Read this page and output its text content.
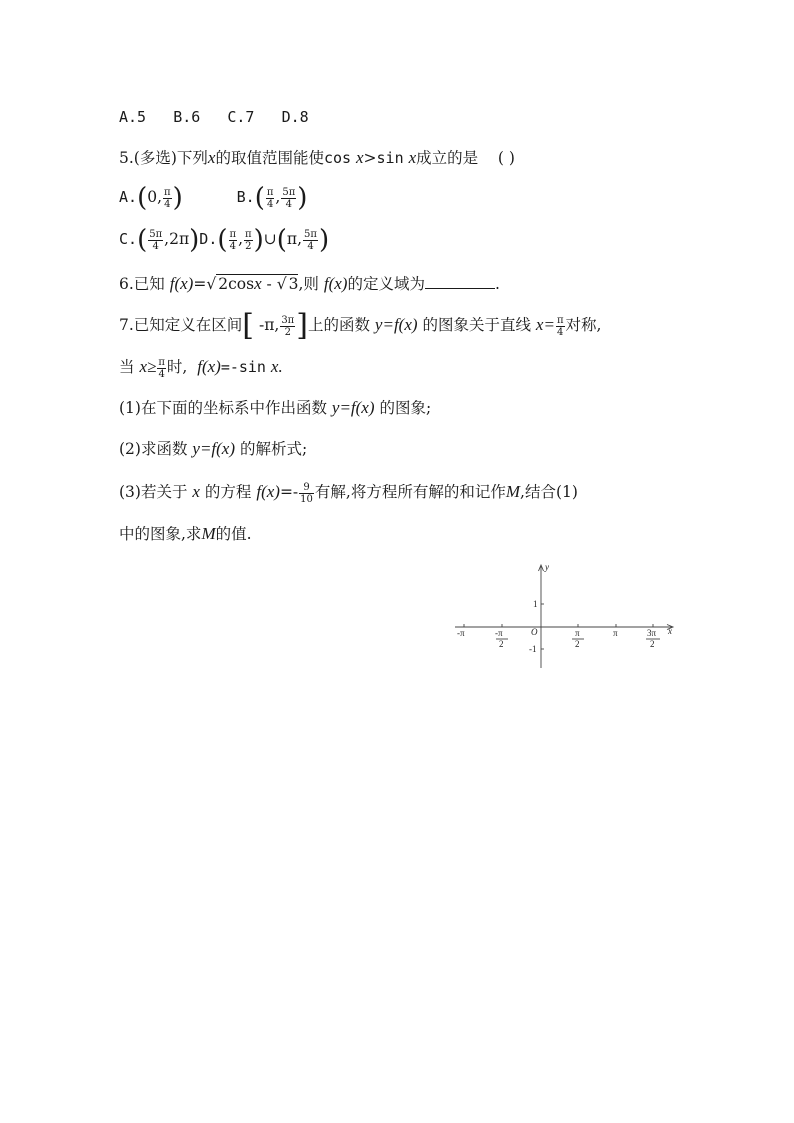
A.5 B.6 C.7 D.8
5.(多选)下列x的取值范围能使cos x>sin x成立的是 ( )
A.(0, $\frac{\pi}{4}$ )	$B.( \frac{\pi}{4}$ , $\frac{5\pi}{4}$ )
$C.( \frac{5\pi}{4} ,2\pi)D.( \frac{\pi}{4}$ , $\frac{\pi}{2}$ )∪(π, $\frac{5\pi}{4}$ )
6.已知 f(x)=√ 2cosx - √ 3,则 f(x)的定义域为	.
7.已知定义在区间[ -π, $\frac{3\pi}{2}$ ]上的函数 y=f(x) 的图象关于直线 $x= \frac{\pi}{4}$ 对称,
当 $x\ge \frac{\pi}{4}$ 时, f(x)=-sin x.
(1)在下面的坐标系中作出函数 y=f(x) 的图象;
(2)求函数 y=f(x) 的解析式;
(3)若关于 x 的方程 $f(x)=- \frac{9}{10}$ 有解,将方程所有解的和记作M,结合(1)
中的图象,求M的值.
y
x
O
1
-1
-π	-π
2
π
2
π	3π
2
